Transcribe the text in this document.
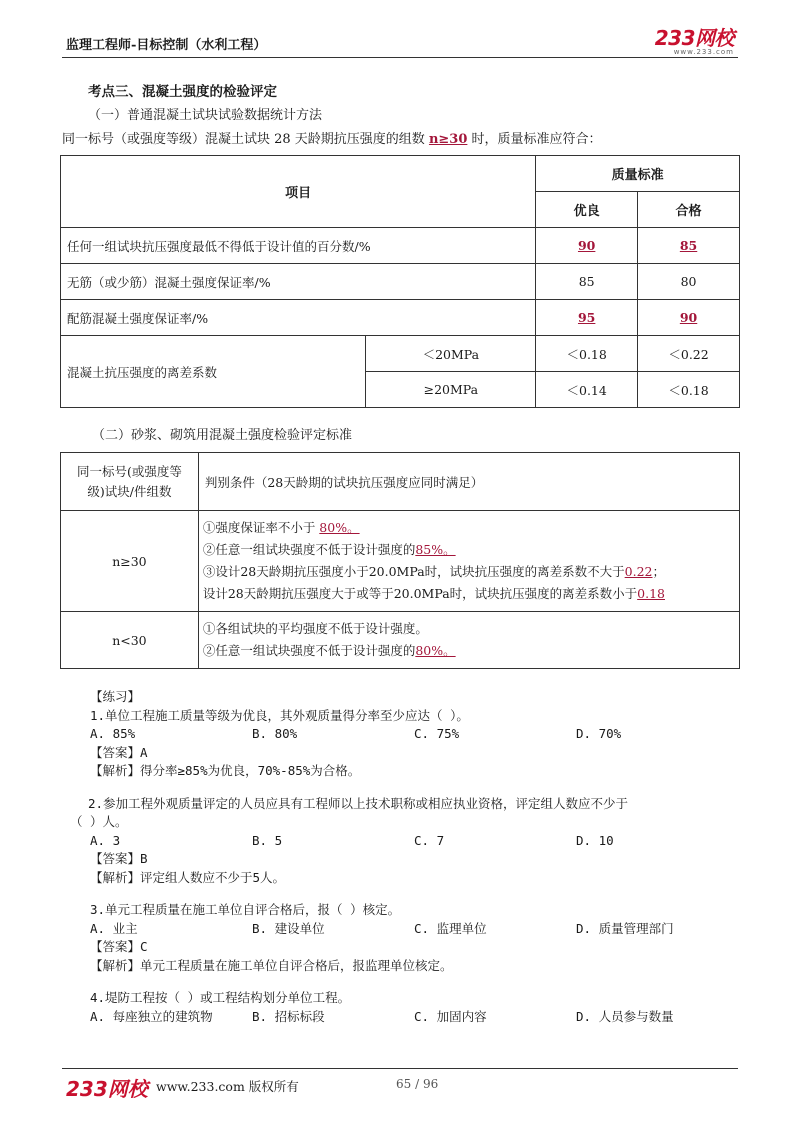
监理工程师-目标控制（水利工程）	233网校
www.233.com
考点三、混凝土强度的检验评定
（一）普通混凝土试块试验数据统计方法
同一标号（或强度等级）混凝土试块 28 天龄期抗压强度的组数 n≥30 时，质量标准应符合：
项目		质量标准	
		优良	合格
任何一组试块抗压强度最低不得低于设计值的百分数/%		90	85
无筋（或少筋）混凝土强度保证率/%		85	80
配筋混凝土强度保证率/%		95	90
混凝土抗压强度的离差系数	＜20MPa	＜0.18	＜0.22
	≥20MPa	＜0.14	＜0.18
（二）砂浆、砌筑用混凝土强度检验评定标准
同一标号(或强度等
级)试块/件组数	判别条件（28天龄期的试块抗压强度应同时满足）
n≥30	①强度保证率不小于 80%。
②任意一组试块强度不低于设计强度的85%。
③设计28天龄期抗压强度小于20.0MPa时，试块抗压强度的离差系数不大于0.22；
设计28天龄期抗压强度大于或等于20.0MPa时，试块抗压强度的离差系数小于0.18

n<30	①各组试块的平均强度不低于设计强度。
②任意一组试块强度不低于设计强度的80%。
【练习】
1.单位工程施工质量等级为优良，其外观质量得分率至少应达（ ）。
A. 85%	B. 80%	C. 75%	D. 70%
【答案】A
【解析】得分率≥85%为优良，70%-85%为合格。
2.参加工程外观质量评定的人员应具有工程师以上技术职称或相应执业资格，评定组人数应不少于
（ ）人。
A. 3	B. 5	C. 7	D. 10
【答案】B
【解析】评定组人数应不少于5人。
3.单元工程质量在施工单位自评合格后，报（ ）核定。
A. 业主	B. 建设单位	C. 监理单位	D. 质量管理部门
【答案】C
【解析】单元工程质量在施工单位自评合格后，报监理单位核定。
4.堤防工程按（ ）或工程结构划分单位工程。
A. 每座独立的建筑物	B. 招标标段	C. 加固内容	D. 人员参与数量
233网校 www.233.com 版权所有	65 / 96
